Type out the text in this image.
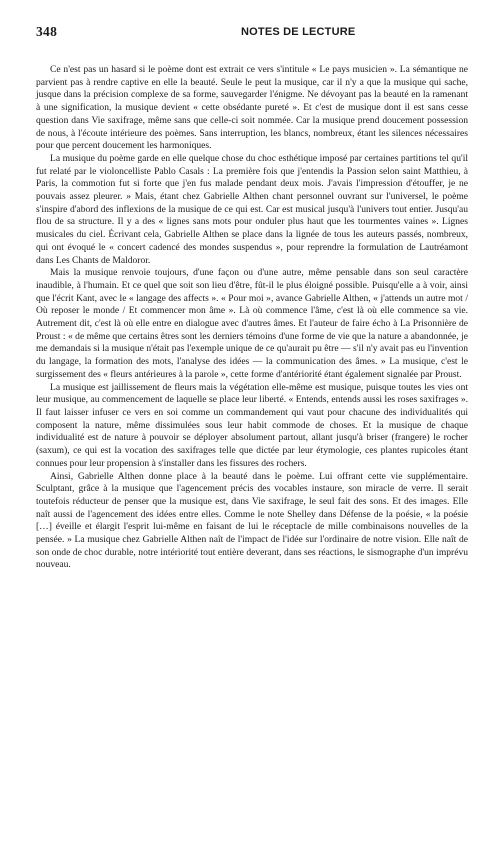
348	NOTES DE LECTURE

Ce n'est pas un hasard si le poème dont est extrait ce vers s'intitule « Le pays musicien ». La sémantique ne parvient pas à rendre captive en elle la beauté. Seule le peut la musique, car il n'y a que la musique qui sache, jusque dans la précision complexe de sa forme, sauvegarder l'énigme. Ne dévoyant pas la beauté en la ramenant à une signification, la musique devient « cette obsédante pureté ». Et c'est de musique dont il est sans cesse question dans Vie saxifrage, même sans que celle-ci soit nommée. Car la musique prend doucement possession de nous, à l'écoute intérieure des poèmes. Sans interruption, les blancs, nombreux, étant les silences nécessaires pour que percent doucement les harmoniques.

La musique du poème garde en elle quelque chose du choc esthétique imposé par certaines partitions tel qu'il fut relaté par le violoncelliste Pablo Casals : La première fois que j'entendis la Passion selon saint Matthieu, à Paris, la commotion fut si forte que j'en fus malade pendant deux mois. J'avais l'impression d'étouffer, je ne pouvais assez pleurer. » Mais, étant chez Gabrielle Althen chant personnel ouvrant sur l'universel, le poème s'inspire d'abord des inflexions de la musique de ce qui est. Car est musical jusqu'à l'univers tout entier. Jusqu'au flou de sa structure. Il y a des « lignes sans mots pour onduler plus haut que les tourmentes vaines ». Lignes musicales du ciel. Écrivant cela, Gabrielle Althen se place dans la lignée de tous les auteurs passés, nombreux, qui ont évoqué le « concert cadencé des mondes suspendus », pour reprendre la formulation de Lautréamont dans Les Chants de Maldoror.

Mais la musique renvoie toujours, d'une façon ou d'une autre, même pensable dans son seul caractère inaudible, à l'humain. Et ce quel que soit son lieu d'être, fût-il le plus éloigné possible. Puisqu'elle a à voir, ainsi que l'écrit Kant, avec le « langage des affects ». « Pour moi », avance Gabrielle Althen, « j'attends un autre mot / Où reposer le monde / Et commencer mon âme ». Là où commence l'âme, c'est là où elle commence sa vie. Autrement dit, c'est là où elle entre en dialogue avec d'autres âmes. Et l'auteur de faire écho à La Prisonnière de Proust : « de même que certains êtres sont les derniers témoins d'une forme de vie que la nature a abandonnée, je me demandais si la musique n'était pas l'exemple unique de ce qu'aurait pu être — s'il n'y avait pas eu l'invention du langage, la formation des mots, l'analyse des idées — la communication des âmes. » La musique, c'est le surgissement des « fleurs antérieures à la parole », cette forme d'antériorité étant également signalée par Proust.

La musique est jaillissement de fleurs mais la végétation elle-même est musique, puisque toutes les vies ont leur musique, au commencement de laquelle se place leur liberté. « Entends, entends aussi les roses saxifrages ». Il faut laisser infuser ce vers en soi comme un commandement qui vaut pour chacune des individualités qui composent la nature, même dissimulées sous leur habit commode de choses. Et la musique de chaque individualité est de nature à pouvoir se déployer absolument partout, allant jusqu'à briser (frangere) le rocher (saxum), ce qui est la vocation des saxifrages telle que dictée par leur étymologie, ces plantes rupicoles étant connues pour leur propension à s'installer dans les fissures des rochers.

Ainsi, Gabrielle Althen donne place à la beauté dans le poème. Lui offrant cette vie supplémentaire. Sculptant, grâce à la musique que l'agencement précis des vocables instaure, son miracle de verre. Il serait toutefois réducteur de penser que la musique est, dans Vie saxifrage, le seul fait des sons. Et des images. Elle naît aussi de l'agencement des idées entre elles. Comme le note Shelley dans Défense de la poésie, « la poésie […] éveille et élargit l'esprit lui-même en faisant de lui le réceptacle de mille combinaisons nouvelles de la pensée. » La musique chez Gabrielle Althen naît de l'impact de l'idée sur l'ordinaire de notre vision. Elle naît de son onde de choc durable, notre intériorité tout entière deverant, dans ses réactions, le sismographe d'un imprévu nouveau.
